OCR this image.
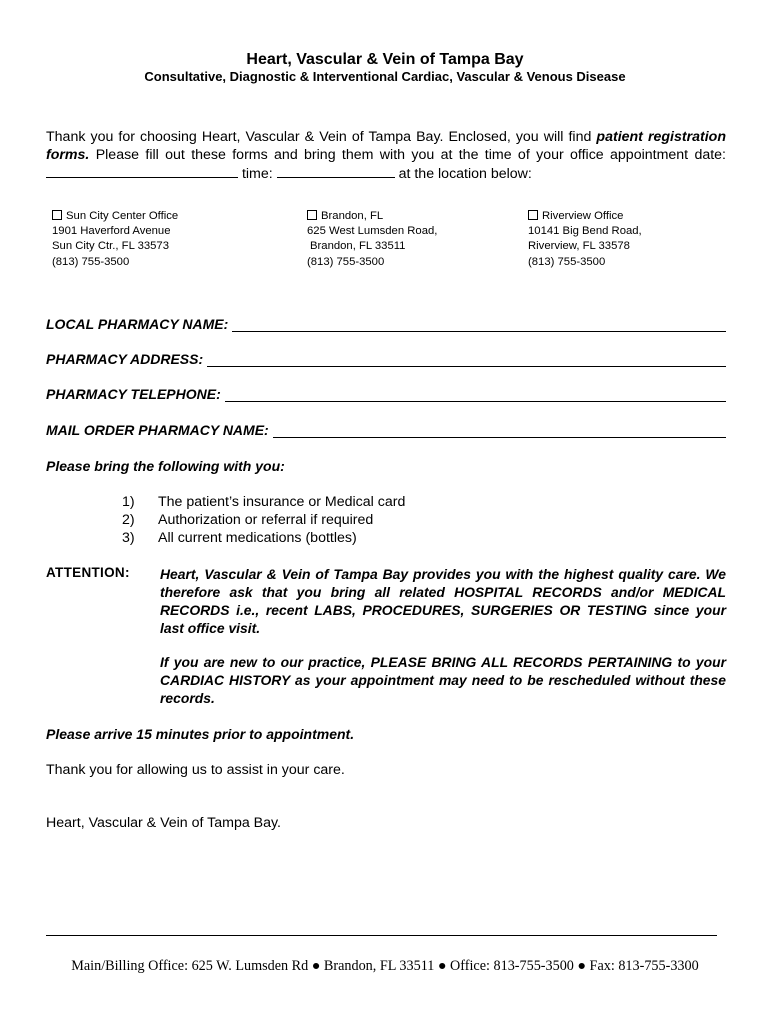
Heart, Vascular & Vein of Tampa Bay
Consultative, Diagnostic & Interventional Cardiac, Vascular & Venous Disease
Thank you for choosing Heart, Vascular & Vein of Tampa Bay. Enclosed, you will find patient registration forms. Please fill out these forms and bring them with you at the time of your office appointment date:  time:	at the location below:
Sun City Center Office
1901 Haverford Avenue
Sun City Ctr., FL 33573
(813) 755-3500
Brandon, FL
625 West Lumsden Road,
Brandon, FL 33511
(813) 755-3500
Riverview Office
10141 Big Bend Road,
Riverview, FL 33578
(813) 755-3500
LOCAL PHARMACY NAME:
PHARMACY ADDRESS:
PHARMACY TELEPHONE:
MAIL ORDER PHARMACY NAME:
Please bring the following with you:
1)	The patient’s insurance or Medical card
2)	Authorization or referral if required
3)	All current medications (bottles)
ATTENTION: Heart, Vascular & Vein of Tampa Bay provides you with the highest quality care. We therefore ask that you bring all related HOSPITAL RECORDS and/or MEDICAL RECORDS i.e., recent LABS, PROCEDURES, SURGERIES OR TESTING since your last office visit.
If you are new to our practice, PLEASE BRING ALL RECORDS PERTAINING to your CARDIAC HISTORY as your appointment may need to be rescheduled without these records.
Please arrive 15 minutes prior to appointment.
Thank you for allowing us to assist in your care.
Heart, Vascular & Vein of Tampa Bay.
Main/Billing Office: 625 W. Lumsden Rd ● Brandon, FL 33511 ● Office: 813-755-3500 ● Fax: 813-755-3300
